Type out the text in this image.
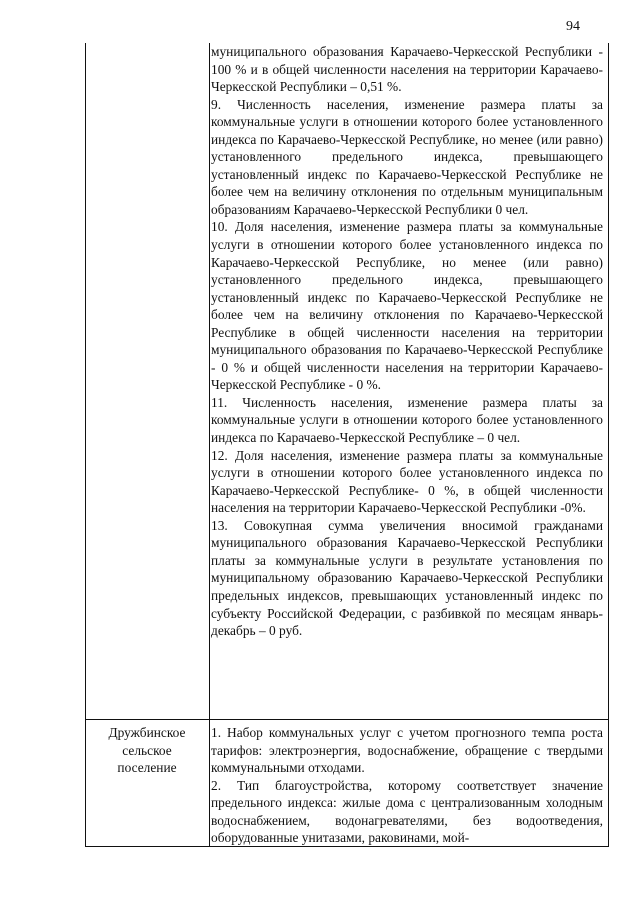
94

муниципального образования Карачаево-Черкесской Республики - 100 % и в общей численности населения на территории Карачаево-Черкесской Республики – 0,51 %.

9. Численность населения, изменение размера платы за коммунальные услуги в отношении которого более установленного индекса по Карачаево-Черкесской Республике, но менее (или равно) установленного предельного индекса, превышающего установленный индекс по Карачаево-Черкесской Республике не более чем на величину отклонения по отдельным муниципальным образованиям Карачаево-Черкесской Республики 0 чел.

10. Доля населения, изменение размера платы за коммунальные услуги в отношении которого более установленного индекса по Карачаево-Черкесской Республике, но менее (или равно) установленного предельного индекса, превышающего установленный индекс по Карачаево-Черкесской Республике не более чем на величину отклонения по Карачаево-Черкесской Республике в общей численности населения на территории муниципального образования по Карачаево-Черкесской Республике - 0 % и общей численности населения на территории Карачаево-Черкесской Республике - 0 %.

11. Численность населения, изменение размера платы за коммунальные услуги в отношении которого более установленного индекса по Карачаево-Черкесской Республике – 0 чел.

12. Доля населения, изменение размера платы за коммунальные услуги в отношении которого более установленного индекса по Карачаево-Черкесской Республике- 0 %, в общей численности населения на территории Карачаево-Черкесской Республики -0%.

13. Совокупная сумма увеличения вносимой гражданами муниципального образования Карачаево-Черкесской Республики платы за коммунальные услуги в результате установления по муниципальному образованию Карачаево-Черкесской Республики предельных индексов, превышающих установленный индекс по субъекту Российской Федерации, с разбивкой по месяцам январь-декабрь – 0 руб.

Дружбинское
сельское
поселение

1. Набор коммунальных услуг с учетом прогнозного темпа роста тарифов: электроэнергия, водоснабжение, обращение с твердыми коммунальными отходами.

2. Тип благоустройства, которому соответствует значение предельного индекса: жилые дома с централизованным холодным водоснабжением, водонагревателями, без водоотведения, оборудованные унитазами, раковинами, мой-
